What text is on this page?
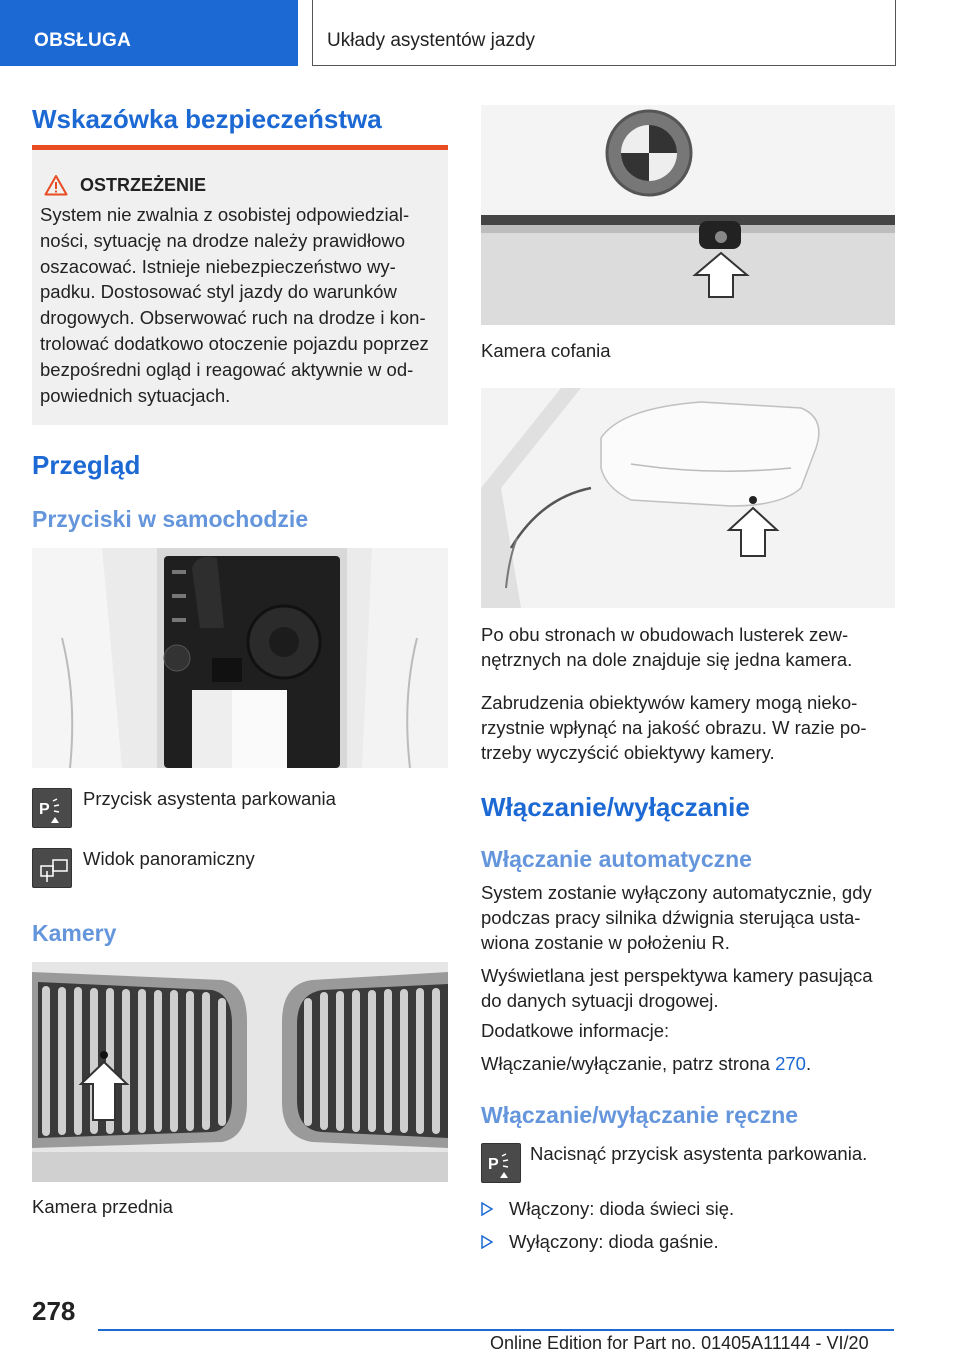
OBSŁUGA	Układy asystentów jazdy
Wskazówka bezpieczeństwa
OSTRZEŻENIE
System nie zwalnia z osobistej odpowiedzial-
ności, sytuację na drodze należy prawidłowo
oszacować. Istnieje niebezpieczeństwo wy-
padku. Dostosować styl jazdy do warunków
drogowych. Obserwować ruch na drodze i kon-
trolować dodatkowo otoczenie pojazdu poprzez
bezpośredni ogląd i reagować aktywnie w od-
powiednich sytuacjach.
Przegląd
Przyciski w samochodzie
P
Przycisk asystenta parkowania
Widok panoramiczny
Kamery
Kamera przednia
Kamera cofania
Po obu stronach w obudowach lusterek zew-
nętrznych na dole znajduje się jedna kamera.
Zabrudzenia obiektywów kamery mogą nieko-
rzystnie wpłynąć na jakość obrazu. W razie po-
trzeby wyczyścić obiektywy kamery.
Włączanie/wyłączanie
Włączanie automatyczne
System zostanie wyłączony automatycznie, gdy
podczas pracy silnika dźwignia sterująca usta-
wiona zostanie w położeniu R.
Wyświetlana jest perspektywa kamery pasująca
do danych sytuacji drogowej.
Dodatkowe informacje:
Włączanie/wyłączanie, patrz strona 270.
Włączanie/wyłączanie ręczne
P
Nacisnąć przycisk asystenta parkowania.
Włączony: dioda świeci się.
Wyłączony: dioda gaśnie.
278
Online Edition for Part no. 01405A11144 - VI/20
